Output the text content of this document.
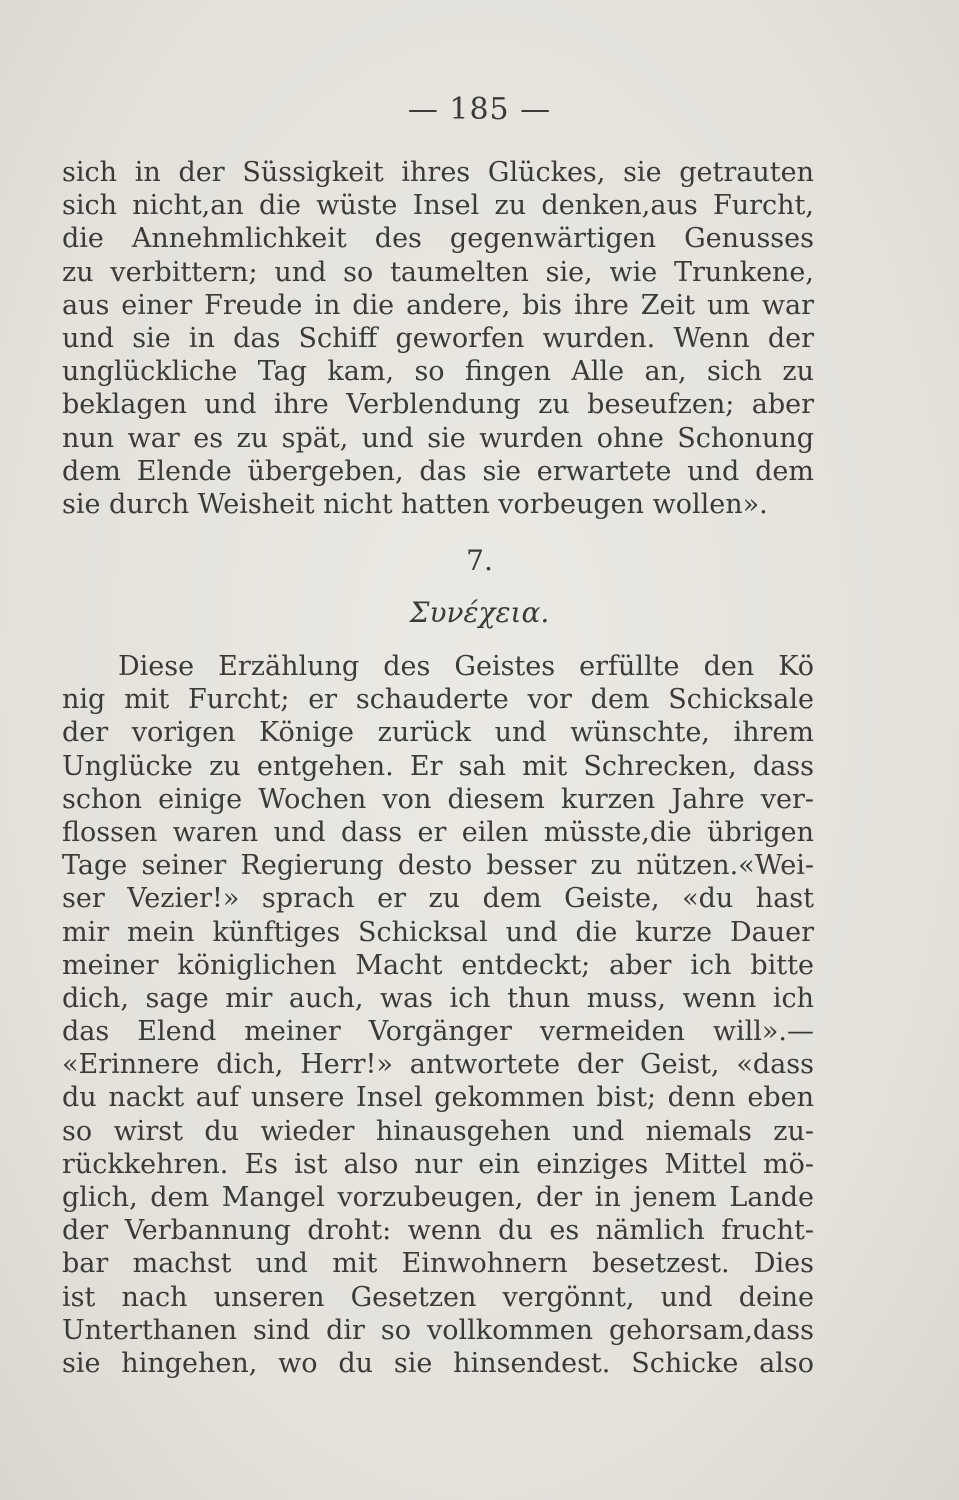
— 185 —
sich in der Süssigkeit ihres Glückes, sie getrauten
sich nicht,an die wüste Insel zu denken,aus Furcht,
die Annehmlichkeit des gegenwärtigen Genusses
zu verbittern; und so taumelten sie, wie Trunkene,
aus einer Freude in die andere, bis ihre Zeit um war
und sie in das Schiff geworfen wurden. Wenn der
unglückliche Tag kam, so fingen Alle an, sich zu
beklagen und ihre Verblendung zu beseufzen; aber
nun war es zu spät, und sie wurden ohne Schonung
dem Elende übergeben, das sie erwartete und dem
sie durch Weisheit nicht hatten vorbeugen wollen».
7.
Συνέχεια.
Diese Erzählung des Geistes erfüllte den Kö
nig mit Furcht; er schauderte vor dem Schicksale
der vorigen Könige zurück und wünschte, ihrem
Unglücke zu entgehen. Er sah mit Schrecken, dass
schon einige Wochen von diesem kurzen Jahre ver-
flossen waren und dass er eilen müsste,die übrigen
Tage seiner Regierung desto besser zu nützen.«Wei-
ser Vezier!» sprach er zu dem Geiste, «du hast
mir mein künftiges Schicksal und die kurze Dauer
meiner königlichen Macht entdeckt; aber ich bitte
dich, sage mir auch, was ich thun muss, wenn ich
das Elend meiner Vorgänger vermeiden will».—
«Erinnere dich, Herr!» antwortete der Geist, «dass
du nackt auf unsere Insel gekommen bist; denn eben
so wirst du wieder hinausgehen und niemals zu-
rückkehren. Es ist also nur ein einziges Mittel mö-
glich, dem Mangel vorzubeugen, der in jenem Lande
der Verbannung droht: wenn du es nämlich frucht-
bar machst und mit Einwohnern besetzest. Dies
ist nach unseren Gesetzen vergönnt, und deine
Unterthanen sind dir so vollkommen gehorsam,dass
sie hingehen, wo du sie hinsendest. Schicke also
